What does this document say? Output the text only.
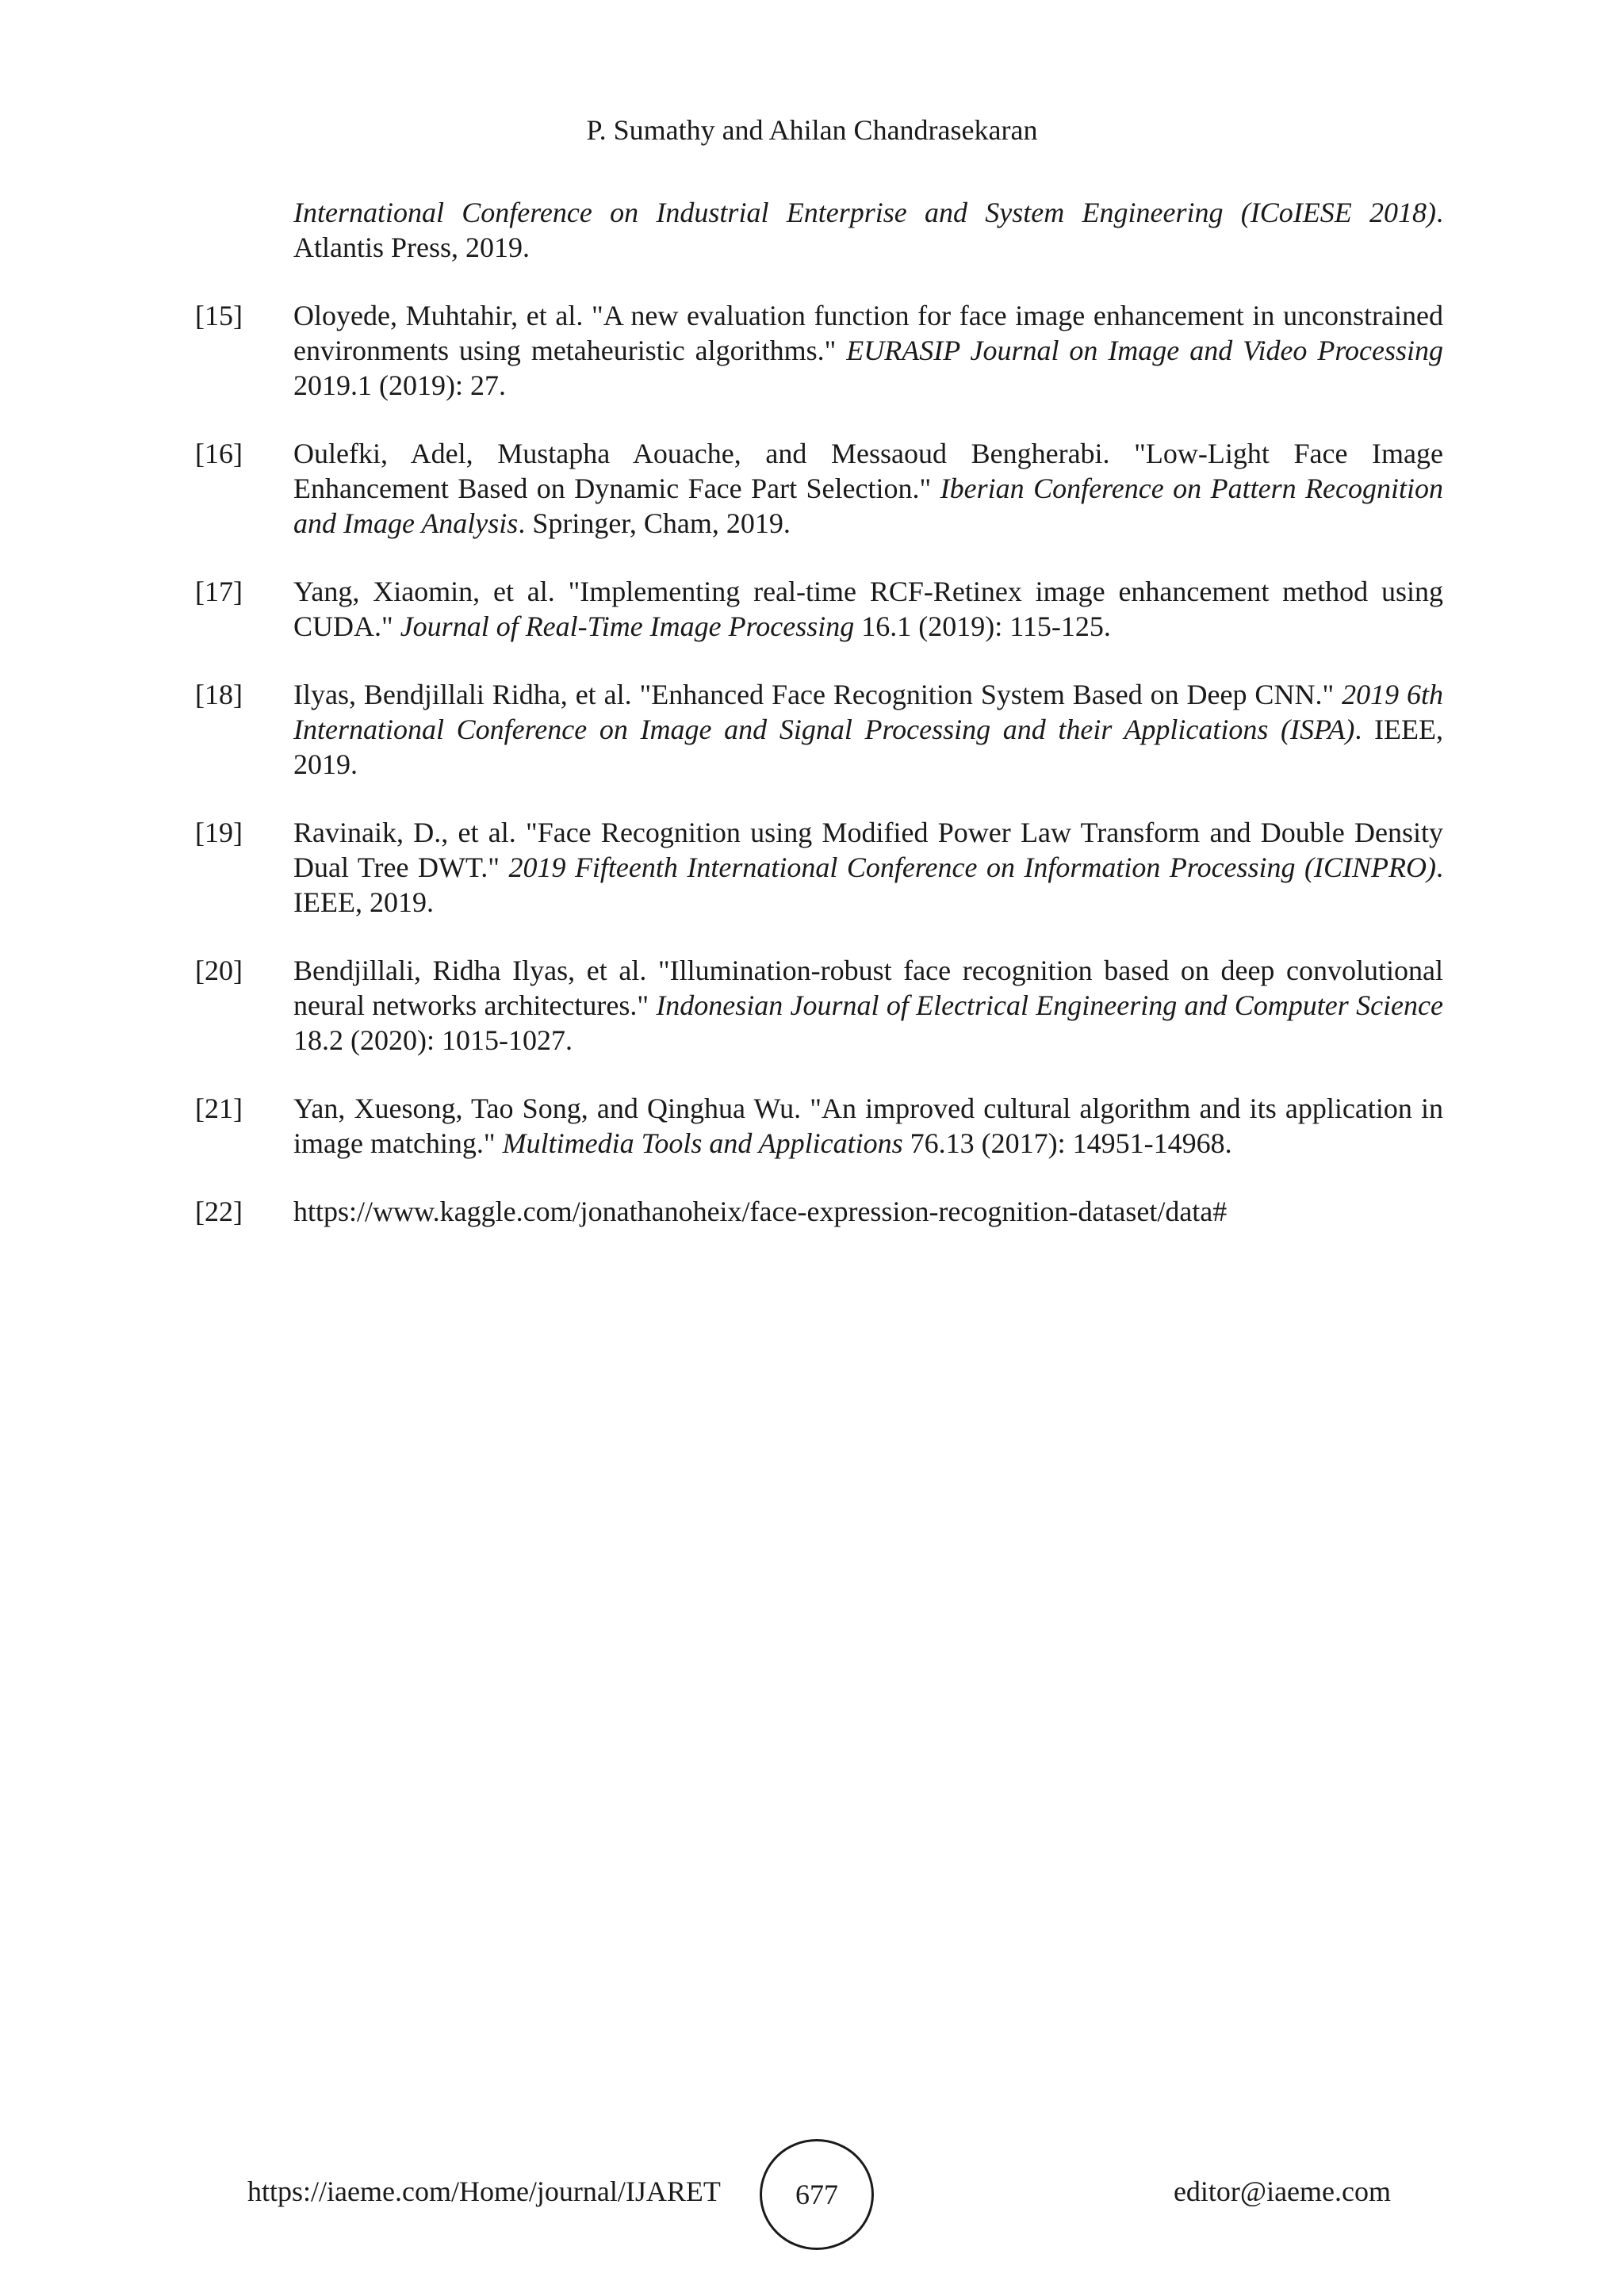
P. Sumathy and Ahilan Chandrasekaran
International Conference on Industrial Enterprise and System Engineering (ICoIESE 2018). Atlantis Press, 2019.
[15] Oloyede, Muhtahir, et al. "A new evaluation function for face image enhancement in unconstrained environments using metaheuristic algorithms." EURASIP Journal on Image and Video Processing 2019.1 (2019): 27.
[16] Oulefki, Adel, Mustapha Aouache, and Messaoud Bengherabi. "Low-Light Face Image Enhancement Based on Dynamic Face Part Selection." Iberian Conference on Pattern Recognition and Image Analysis. Springer, Cham, 2019.
[17] Yang, Xiaomin, et al. "Implementing real-time RCF-Retinex image enhancement method using CUDA." Journal of Real-Time Image Processing 16.1 (2019): 115-125.
[18] Ilyas, Bendjillali Ridha, et al. "Enhanced Face Recognition System Based on Deep CNN." 2019 6th International Conference on Image and Signal Processing and their Applications (ISPA). IEEE, 2019.
[19] Ravinaik, D., et al. "Face Recognition using Modified Power Law Transform and Double Density Dual Tree DWT." 2019 Fifteenth International Conference on Information Processing (ICINPRO). IEEE, 2019.
[20] Bendjillali, Ridha Ilyas, et al. "Illumination-robust face recognition based on deep convolutional neural networks architectures." Indonesian Journal of Electrical Engineering and Computer Science 18.2 (2020): 1015-1027.
[21] Yan, Xuesong, Tao Song, and Qinghua Wu. "An improved cultural algorithm and its application in image matching." Multimedia Tools and Applications 76.13 (2017): 14951-14968.
[22] https://www.kaggle.com/jonathanoheix/face-expression-recognition-dataset/data#
https://iaeme.com/Home/journal/IJARET	677	editor@iaeme.com
